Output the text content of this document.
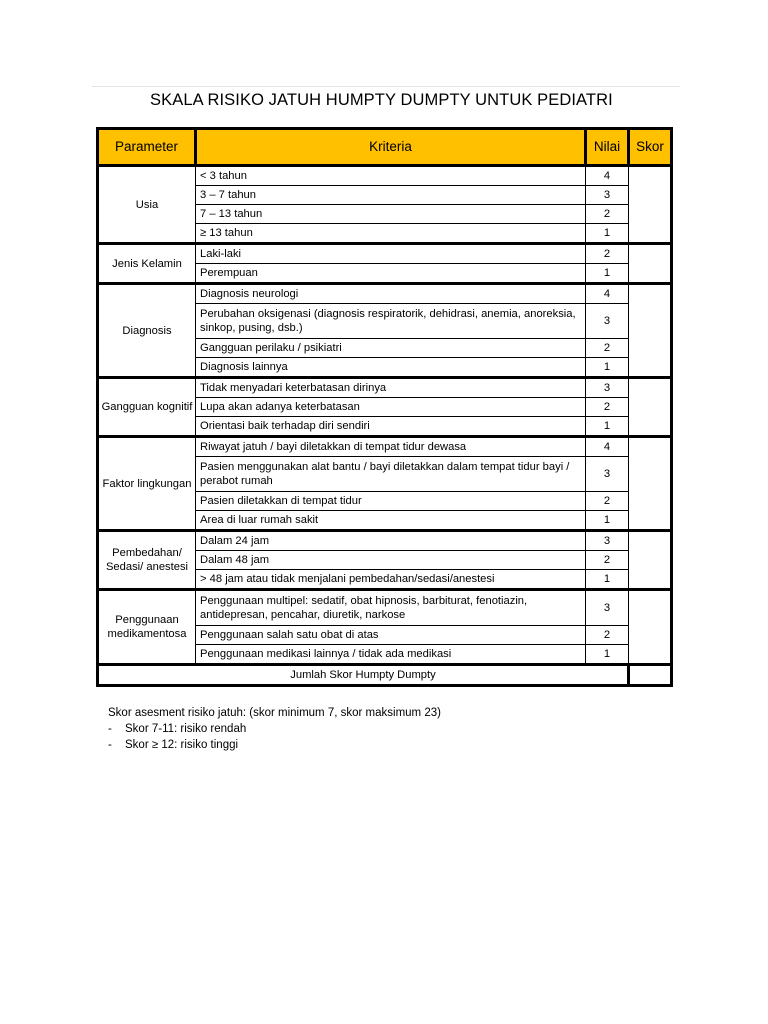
SKALA RISIKO JATUH HUMPTY DUMPTY UNTUK PEDIATRI
Parameter	Kriteria	Nilai	Skor
Usia	< 3 tahun	4	
	3 – 7 tahun	3	
	7 – 13 tahun	2	
	≥ 13 tahun	1	
Jenis Kelamin	Laki-laki	2	
	Perempuan	1	
Diagnosis	Diagnosis neurologi	4	
	Perubahan oksigenasi (diagnosis respiratorik, dehidrasi, anemia, anoreksia, sinkop, pusing, dsb.)	3	
	Gangguan perilaku / psikiatri	2	
	Diagnosis lainnya	1	
Gangguan kognitif	Tidak menyadari keterbatasan dirinya	3	
	Lupa akan adanya keterbatasan	2	
	Orientasi baik terhadap diri sendiri	1	
Faktor lingkungan	Riwayat jatuh / bayi diletakkan di tempat tidur dewasa	4	
	Pasien menggunakan alat bantu / bayi diletakkan dalam tempat tidur bayi / perabot rumah	3	
	Pasien diletakkan di tempat tidur	2	
	Area di luar rumah sakit	1	
Pembedahan/ Sedasi/ anestesi	Dalam 24 jam	3	
	Dalam 48 jam	2	
	> 48 jam atau tidak menjalani pembedahan/sedasi/anestesi	1	
Penggunaan medikamentosa	Penggunaan multipel: sedatif, obat hipnosis, barbiturat, fenotiazin, antidepresan, pencahar, diuretik, narkose	3	
	Penggunaan salah satu obat di atas	2	
	Penggunaan medikasi lainnya / tidak ada medikasi	1	
Jumlah Skor Humpty Dumpty			
Skor asesment risiko jatuh: (skor minimum 7, skor maksimum 23)
-	Skor 7-11: risiko rendah
-	Skor ≥ 12: risiko tinggi
